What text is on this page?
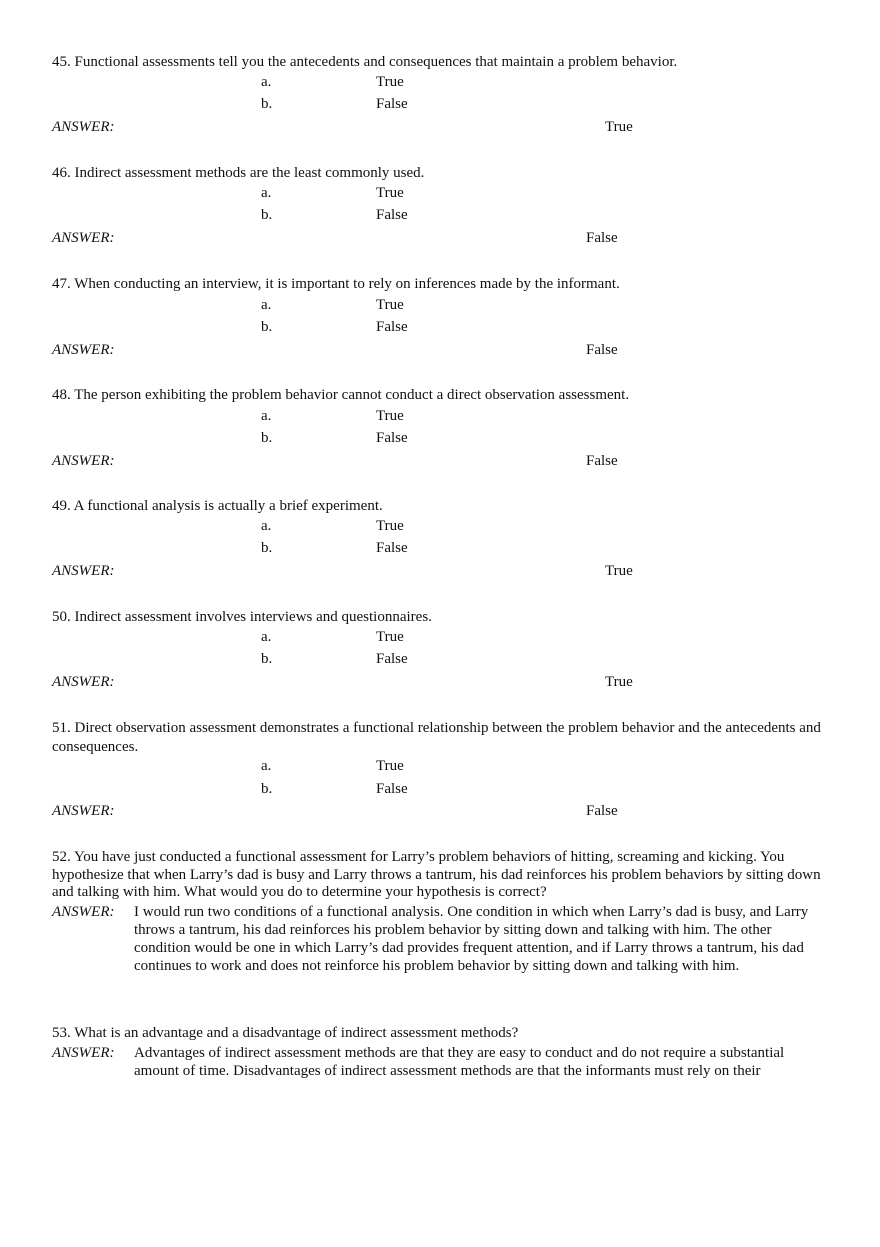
45. Functional assessments tell you the antecedents and consequences that maintain a problem behavior.
a.	True
b.	False
ANSWER:	True
46. Indirect assessment methods are the least commonly used.
a.	True
b.	False
ANSWER:	False
47. When conducting an interview, it is important to rely on inferences made by the informant.
a.	True
b.	False
ANSWER:	False
48. The person exhibiting the problem behavior cannot conduct a direct observation assessment.
a.	True
b.	False
ANSWER:	False
49. A functional analysis is actually a brief experiment.
a.	True
b.	False
ANSWER:	True
50. Indirect assessment involves interviews and questionnaires.
a.	True
b.	False
ANSWER:	True
51. Direct observation assessment demonstrates a functional relationship between the problem behavior and the antecedents and consequences.
a.	True
b.	False
ANSWER:	False
52. You have just conducted a functional assessment for Larry’s problem behaviors of hitting, screaming and kicking. You hypothesize that when Larry’s dad is busy and Larry throws a tantrum, his dad reinforces his problem behaviors by sitting down and talking with him. What would you do to determine your hypothesis is correct?
ANSWER: I would run two conditions of a functional analysis. One condition in which when Larry’s dad is busy, and Larry throws a tantrum, his dad reinforces his problem behavior by sitting down and talking with him. The other condition would be one in which Larry’s dad provides frequent attention, and if Larry throws a tantrum, his dad continues to work and does not reinforce his problem behavior by sitting down and talking with him.
53. What is an advantage and a disadvantage of indirect assessment methods?
ANSWER: Advantages of indirect assessment methods are that they are easy to conduct and do not require a substantial amount of time. Disadvantages of indirect assessment methods are that the informants must rely on their
